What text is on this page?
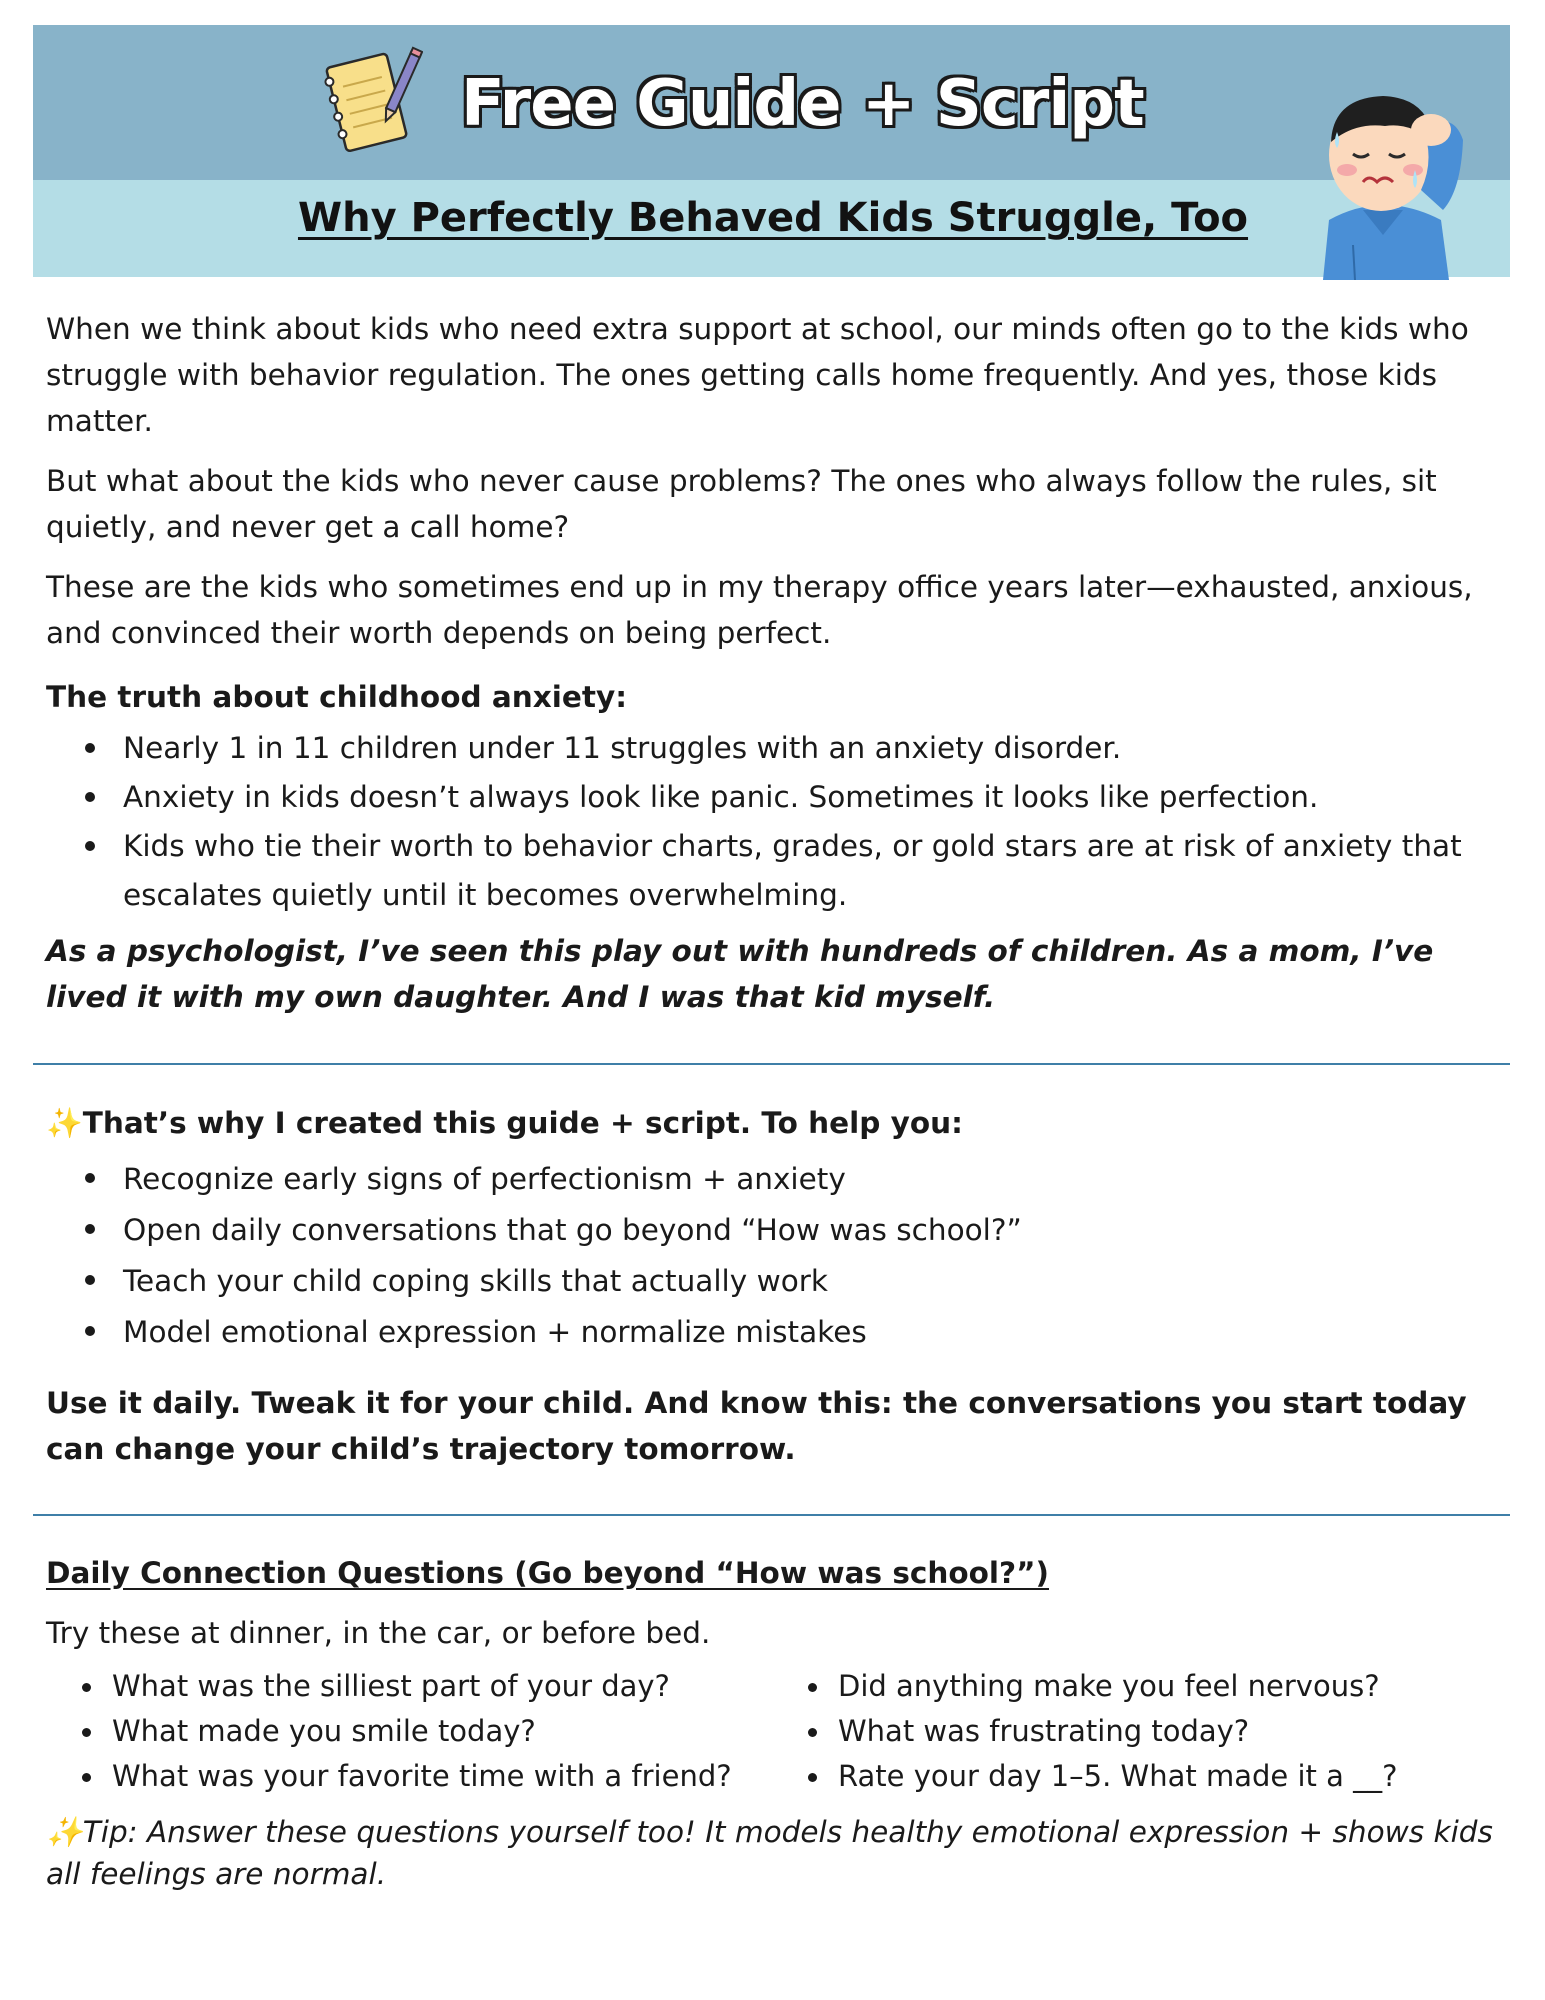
Free Guide + Script
Why Perfectly Behaved Kids Struggle, Too

When we think about kids who need extra support at school, our minds often go to the kids who struggle with behavior regulation. The ones getting calls home frequently. And yes, those kids matter.

But what about the kids who never cause problems? The ones who always follow the rules, sit quietly, and never get a call home?

These are the kids who sometimes end up in my therapy office years later—exhausted, anxious, and convinced their worth depends on being perfect.

The truth about childhood anxiety:

Nearly 1 in 11 children under 11 struggles with an anxiety disorder.
Anxiety in kids doesn’t always look like panic. Sometimes it looks like perfection.
Kids who tie their worth to behavior charts, grades, or gold stars are at risk of anxiety that escalates quietly until it becomes overwhelming.

As a psychologist, I’ve seen this play out with hundreds of children. As a mom, I’ve lived it with my own daughter. And I was that kid myself.

✨That’s why I created this guide + script. To help you:

Recognize early signs of perfectionism + anxiety
Open daily conversations that go beyond “How was school?”
Teach your child coping skills that actually work
Model emotional expression + normalize mistakes

Use it daily. Tweak it for your child. And know this: the conversations you start today can change your child’s trajectory tomorrow.

Daily Connection Questions (Go beyond “How was school?”)

Try these at dinner, in the car, or before bed.

What was the silliest part of your day?
What made you smile today?
What was your favorite time with a friend?
Did anything make you feel nervous?
What was frustrating today?
Rate your day 1–5. What made it a __?

✨Tip: Answer these questions yourself too! It models healthy emotional expression + shows kids all feelings are normal.
